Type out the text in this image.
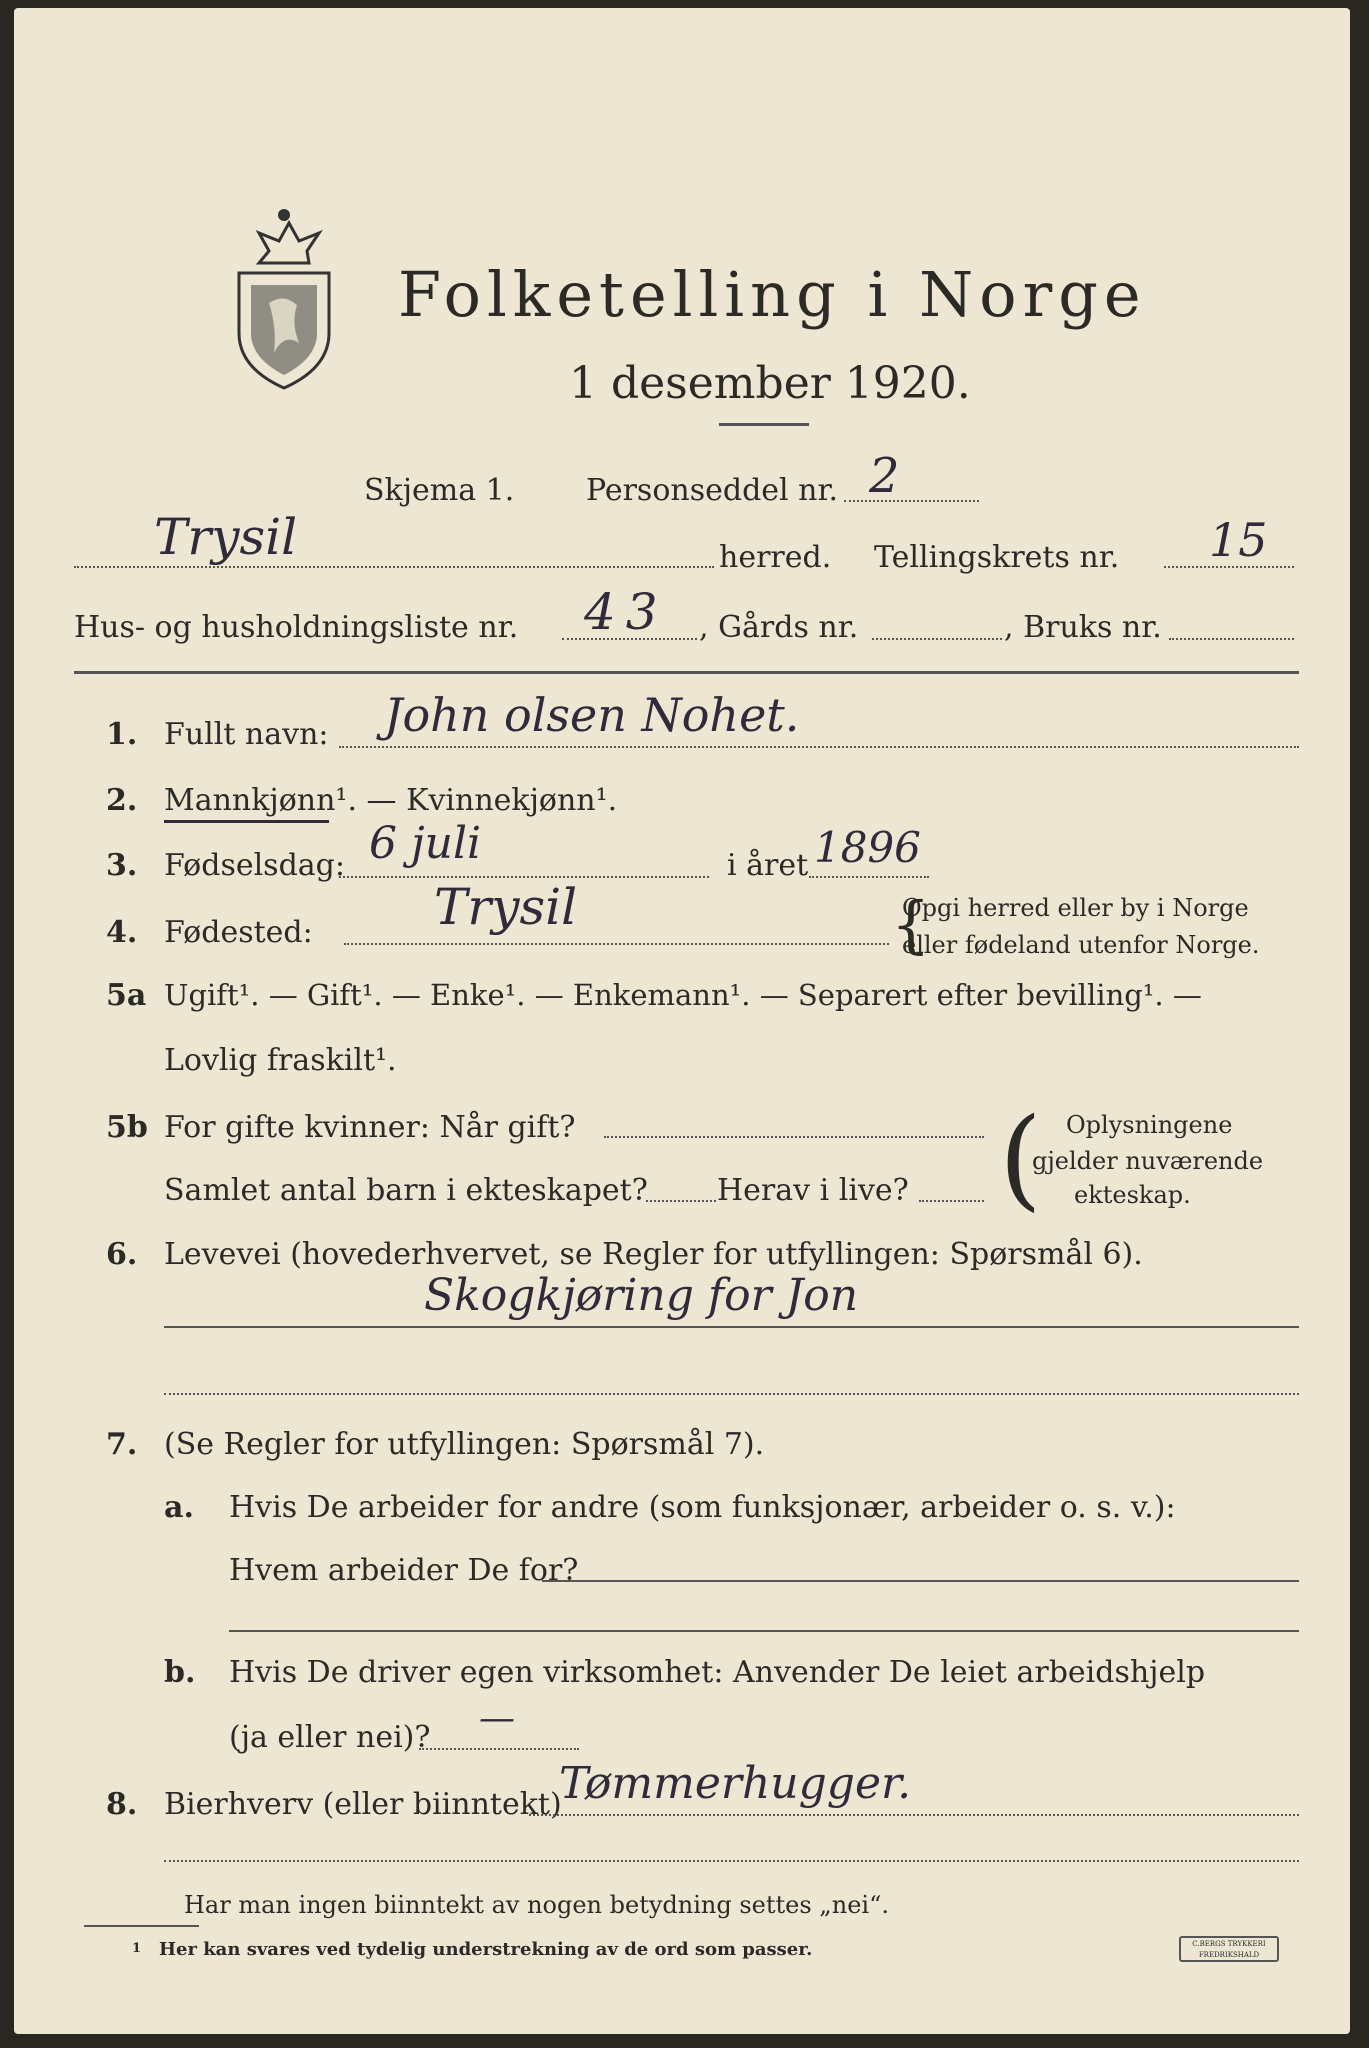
Folketelling i Norge
1 desember 1920.
Skjema 1. Personseddel nr. 2
Trysil	herred. Tellingskrets nr. 15
Hus- og husholdningsliste nr. 43 , Gårds nr.	, Bruks nr.
1. Fullt navn: John olsen Nohet.
2. Mannkjønn¹. — Kvinnekjønn¹.
3. Fødselsdag: 6 juli	i året 1896
4. Fødested: Trysil	Opgi herred eller by i Norge
eller fødeland utenfor Norge.
{
5a Ugift¹. — Gift¹. — Enke¹. — Enkemann¹. — Separert efter bevilling¹. —
Lovlig fraskilt¹.
5b For gifte kvinner: Når gift?
Samlet antal barn i ekteskapet? Herav i live? ( Oplysningene
gjelder nuværende
ekteskap.
6. Levevei (hovederhvervet, se Regler for utfyllingen: Spørsmål 6).
Skogkjøring for Jon
7. (Se Regler for utfyllingen: Spørsmål 7).
a. Hvis De arbeider for andre (som funksjonær, arbeider o. s. v.):
Hvem arbeider De for?
b. Hvis De driver egen virksomhet: Anvender De leiet arbeidshjelp
(ja eller nei)? —
8. Bierhverv (eller biinntekt)
Tømmerhugger.
Har man ingen biinntekt av nogen betydning settes „nei“.
1 Her kan svares ved tydelig understrekning av de ord som passer.	C.BERGS TRYKKERI FREDRIKSHALD
